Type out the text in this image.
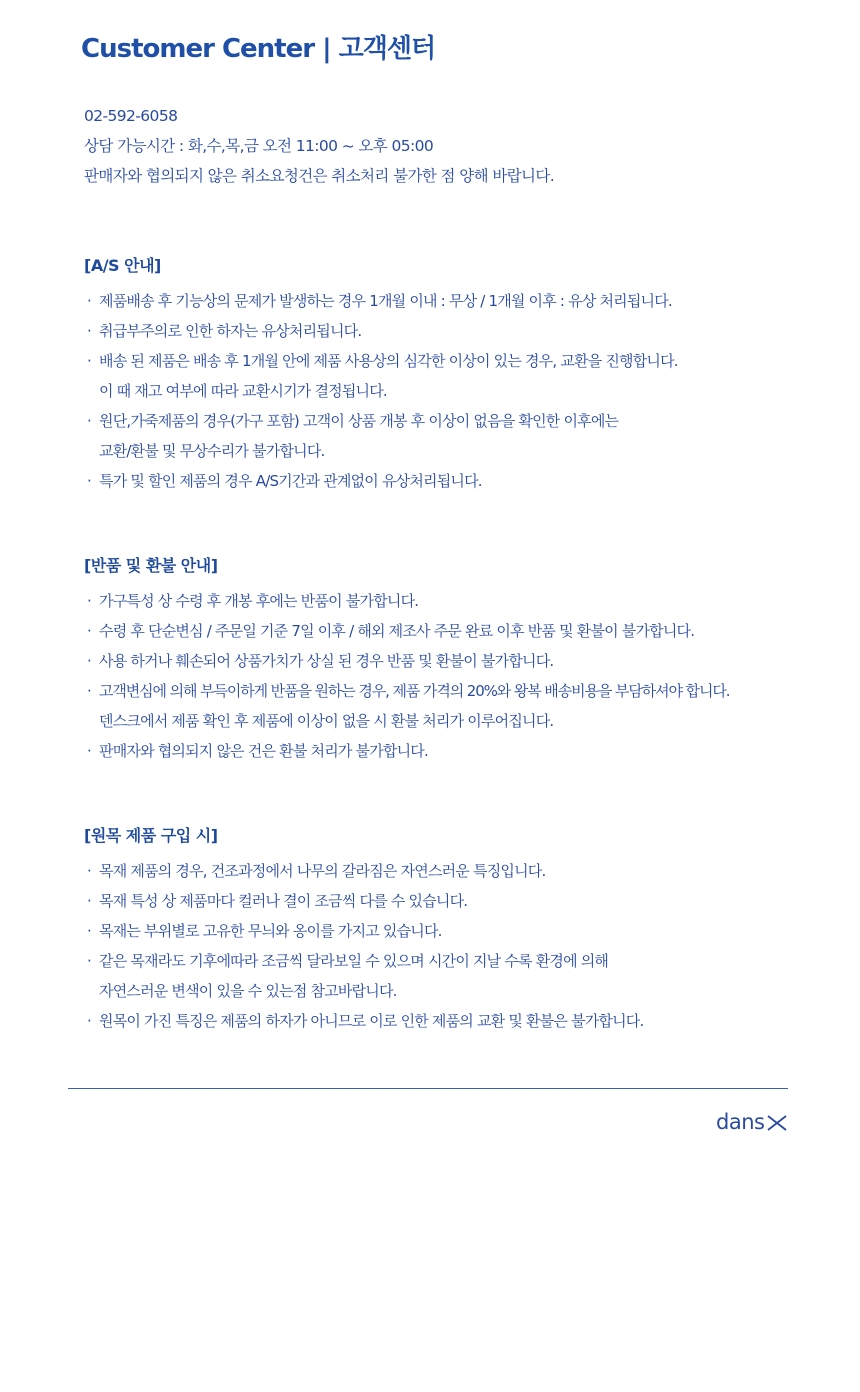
Customer Center | 고객센터
02-592-6058
상담 가능시간 : 화,수,목,금 오전 11:00 ~ 오후 05:00
판매자와 협의되지 않은 취소요청건은 취소처리 불가한 점 양해 바랍니다.
[A/S 안내]
· 제품배송 후 기능상의 문제가 발생하는 경우 1개월 이내 : 무상 / 1개월 이후 : 유상 처리됩니다.
· 취급부주의로 인한 하자는 유상처리됩니다.
· 배송 된 제품은 배송 후 1개월 안에 제품 사용상의 심각한 이상이 있는 경우, 교환을 진행합니다.
이 때 재고 여부에 따라 교환시기가 결정됩니다.
· 원단,가죽제품의 경우(가구 포함) 고객이 상품 개봉 후 이상이 없음을 확인한 이후에는
교환/환불 및 무상수리가 불가합니다.
· 특가 및 할인 제품의 경우 A/S기간과 관계없이 유상처리됩니다.
[반품 및 환불 안내]
· 가구특성 상 수령 후 개봉 후에는 반품이 불가합니다.
· 수령 후 단순변심 / 주문일 기준 7일 이후 / 해외 제조사 주문 완료 이후 반품 및 환불이 불가합니다.
· 사용 하거나 훼손되어 상품가치가 상실 된 경우 반품 및 환불이 불가합니다.
· 고객변심에 의해 부득이하게 반품을 원하는 경우, 제품 가격의 20%와 왕복 배송비용을 부담하셔야 합니다.
덴스크에서 제품 확인 후 제품에 이상이 없을 시 환불 처리가 이루어집니다.
· 판매자와 협의되지 않은 건은 환불 처리가 불가합니다.
[원목 제품 구입 시]
· 목재 제품의 경우, 건조과정에서 나무의 갈라짐은 자연스러운 특징입니다.
· 목재 특성 상 제품마다 컬러나 결이 조금씩 다를 수 있습니다.
· 목재는 부위별로 고유한 무늬와 옹이를 가지고 있습니다.
· 같은 목재라도 기후에따라 조금씩 달라보일 수 있으며 시간이 지날 수록 환경에 의해
자연스러운 변색이 있을 수 있는점 참고바랍니다.
· 원목이 가진 특징은 제품의 하자가 아니므로 이로 인한 제품의 교환 및 환불은 불가합니다.
dans
